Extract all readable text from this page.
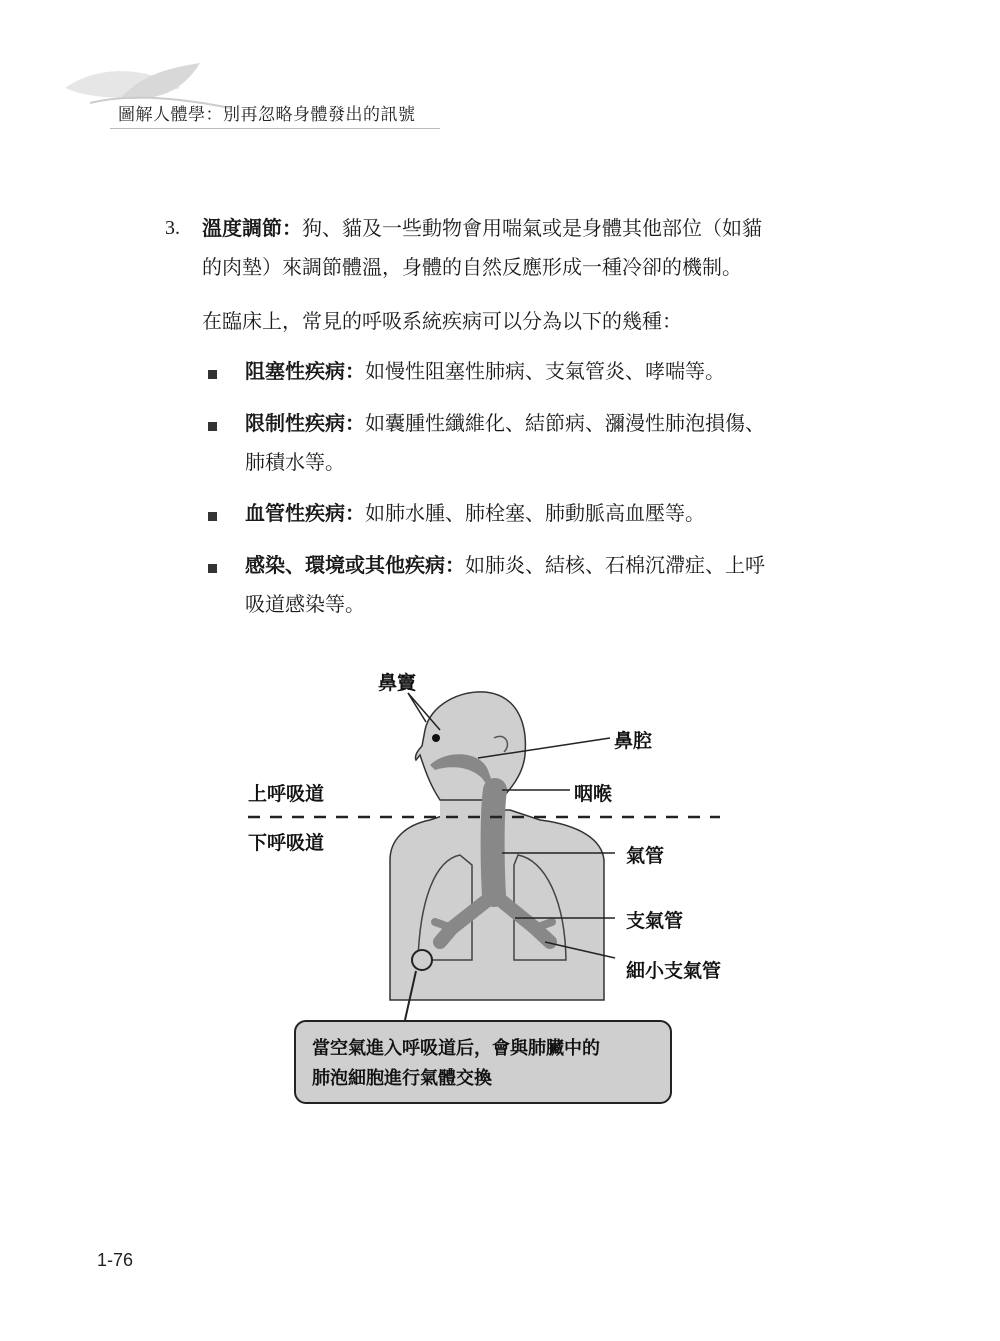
圖解人體學：別再忽略身體發出的訊號
3. 溫度調節：狗、貓及一些動物會用喘氣或是身體其他部位（如貓
的肉墊）來調節體溫，身體的自然反應形成一種冷卻的機制。
在臨床上，常見的呼吸系統疾病可以分為以下的幾種：
阻塞性疾病：如慢性阻塞性肺病、支氣管炎、哮喘等。
限制性疾病：如囊腫性纖維化、結節病、瀰漫性肺泡損傷、
肺積水等。
血管性疾病：如肺水腫、肺栓塞、肺動脈高血壓等。
感染、環境或其他疾病：如肺炎、結核、石棉沉滯症、上呼
吸道感染等。
鼻竇
鼻腔
咽喉
上呼吸道
下呼吸道
氣管
支氣管
細小支氣管
當空氣進入呼吸道后，會與肺臟中的
肺泡細胞進行氣體交換
1-76
